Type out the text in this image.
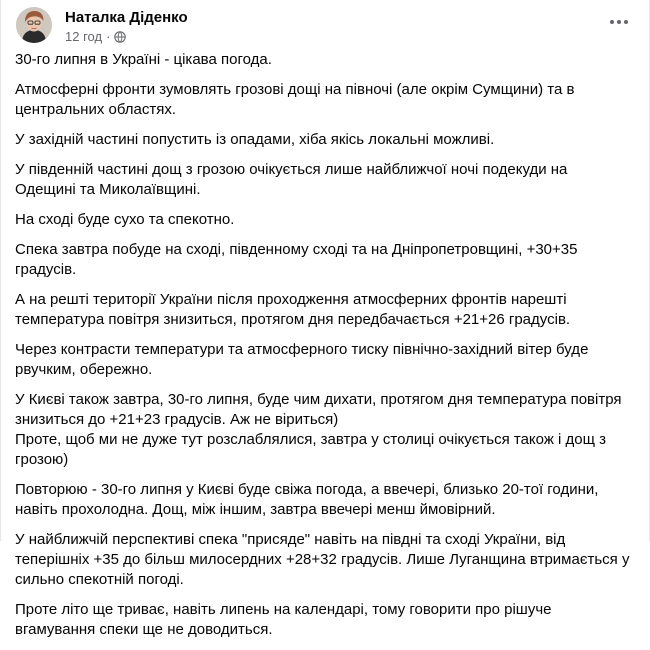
Наталка Діденко
12 год ·

30-го липня в Україні - цікава погода.

Атмосферні фронти зумовлять грозові дощі на півночі (але окрім Сумщини) та в центральних областях.

У західній частині попустить із опадами, хіба якісь локальні можливі.

У південній частині дощ з грозою очікується лише найближчої ночі подекуди на Одещині та Миколаївщині.

На сході буде сухо та спекотно.

Спека завтра побуде на сході, південному сході та на Дніпропетровщині, +30+35 градусів.

А на решті території України після проходження атмосферних фронтів нарешті температура повітря знизиться, протягом дня передбачається +21+26 градусів.

Через контрасти температури та атмосферного тиску північно-західний вітер буде рвучким, обережно.

У Києві також завтра, 30-го липня, буде чим дихати, протягом дня температура повітря знизиться до +21+23 градусів. Аж не віриться)

Проте, щоб ми не дуже тут розслаблялися, завтра у столиці очікується також і дощ з грозою)

Повторюю - 30-го липня у Києві буде свіжа погода, а ввечері, близько 20-тої години, навіть прохолодна. Дощ, між іншим, завтра ввечері менш ймовірний.

У найближчій перспективі спека "присяде" навіть на півдні та сході України, від теперішніх +35 до більш милосердних +28+32 градусів. Лише Луганщина втримається у сильно спекотній погоді.

Проте літо ще триває, навіть липень на календарі, тому говорити про рішуче вгамування спеки ще не доводиться.
